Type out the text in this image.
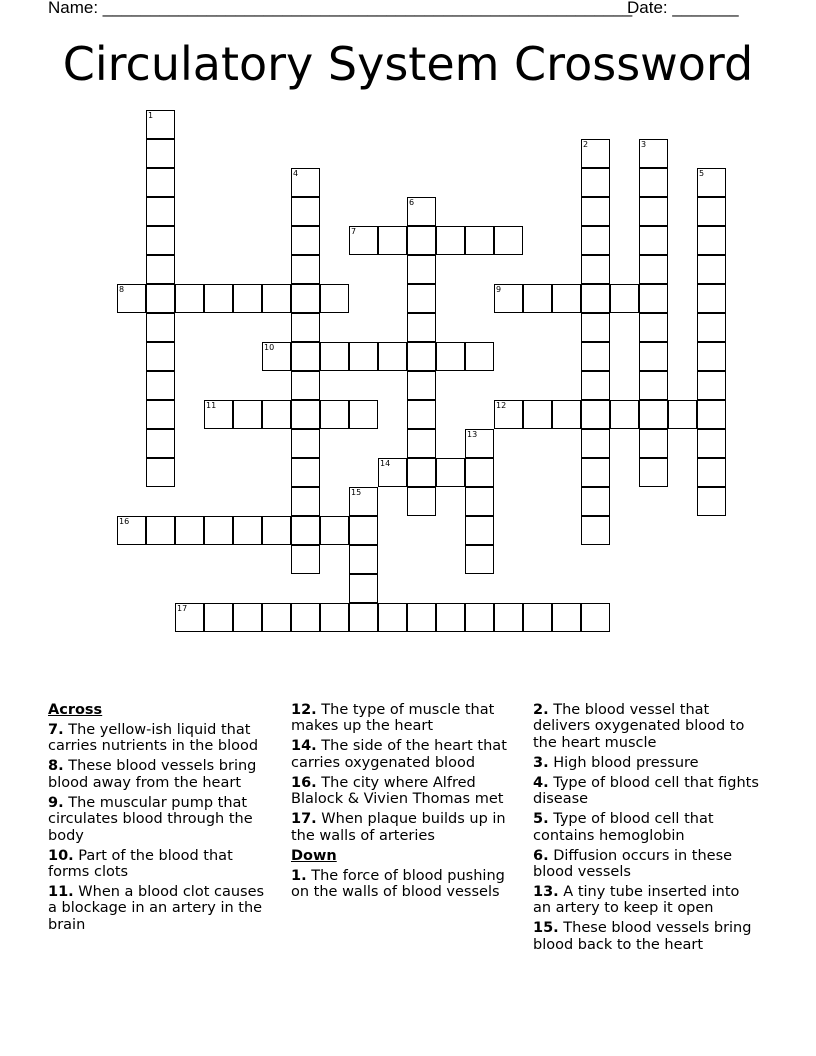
Name: ________________________________________________________
Date: _______
Circulatory System Crossword
1
2	3
4	5
6
7
8	9
10
11	12
13
14
15
16
17
Across
7. The yellow-ish liquid that carries nutrients in the blood
8. These blood vessels bring blood away from the heart
9. The muscular pump that circulates blood through the body
10. Part of the blood that forms clots
11. When a blood clot causes a blockage in an artery in the brain
12. The type of muscle that makes up the heart
14. The side of the heart that carries oxygenated blood
16. The city where Alfred Blalock & Vivien Thomas met
17. When plaque builds up in the walls of arteries
Down
1. The force of blood pushing on the walls of blood vessels
2. The blood vessel that delivers oxygenated blood to the heart muscle
3. High blood pressure
4. Type of blood cell that fights disease
5. Type of blood cell that contains hemoglobin
6. Diffusion occurs in these blood vessels
13. A tiny tube inserted into an artery to keep it open
15. These blood vessels bring blood back to the heart
